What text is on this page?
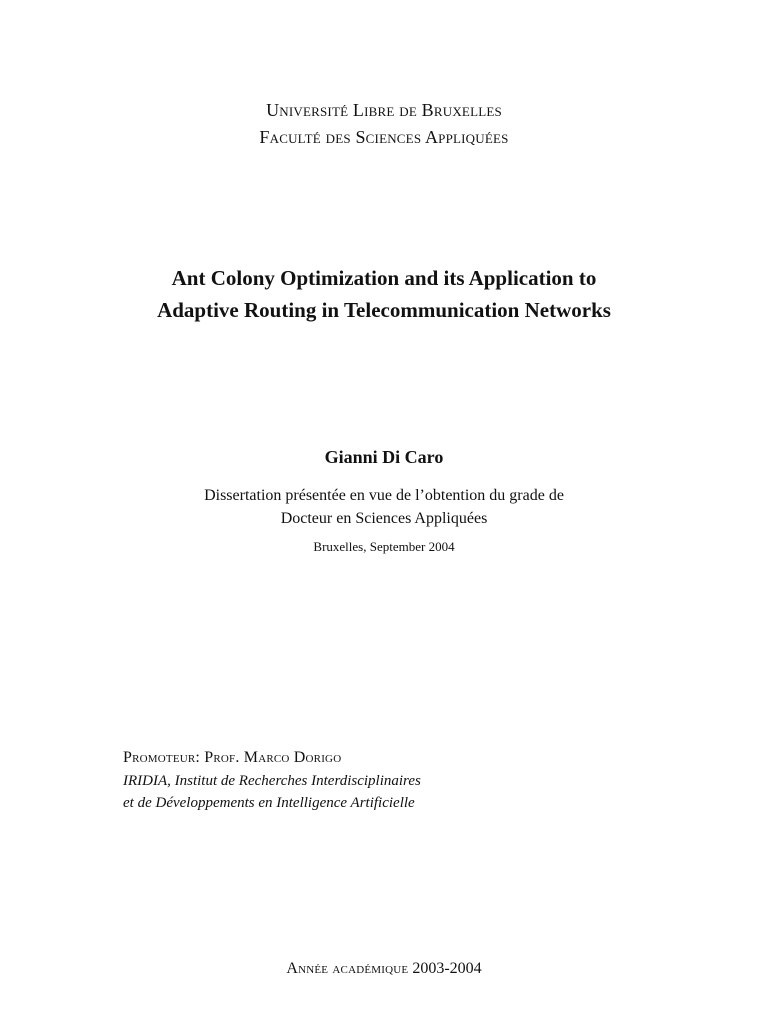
Université Libre de Bruxelles
Faculté des Sciences Appliquées
Ant Colony Optimization and its Application to
Adaptive Routing in Telecommunication Networks
Gianni Di Caro
Dissertation présentée en vue de l’obtention du grade de
Docteur en Sciences Appliquées
Bruxelles, September 2004
Promoteur: Prof. Marco Dorigo
IRIDIA, Institut de Recherches Interdisciplinaires
et de Développements en Intelligence Artificielle
Année académique 2003-2004
